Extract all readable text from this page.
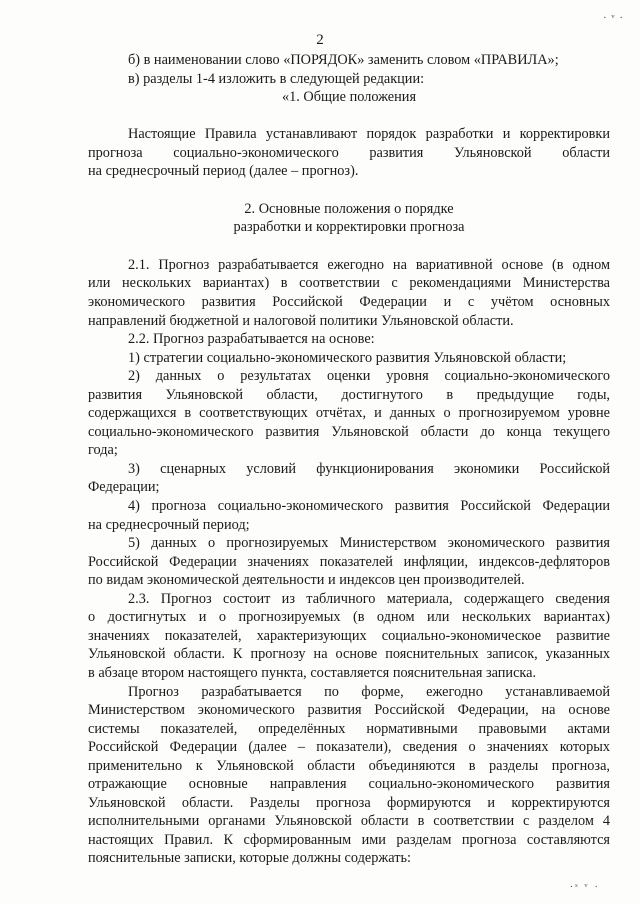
· ᵛ ·
2

б) в наименовании слово «ПОРЯДОК» заменить словом «ПРАВИЛА»;

в) разделы 1-4 изложить в следующей редакции:

«1. Общие положения

Настоящие Правила устанавливают порядок разработки и корректировки

прогноза социально-экономического развития Ульяновской области

на среднесрочный период (далее – прогноз).

2. Основные положения о порядке

разработки и корректировки прогноза

2.1. Прогноз разрабатывается ежегодно на вариативной основе (в одном

или нескольких вариантах) в соответствии с рекомендациями Министерства

экономического развития Российской Федерации и с учётом основных

направлений бюджетной и налоговой политики Ульяновской области.

2.2. Прогноз разрабатывается на основе:

1) стратегии социально-экономического развития Ульяновской области;

2) данных о результатах оценки уровня социально-экономического

развития Ульяновской области, достигнутого в предыдущие годы,

содержащихся в соответствующих отчётах, и данных о прогнозируемом уровне

социально-экономического развития Ульяновской области до конца текущего

года;

3) сценарных условий функционирования экономики Российской

Федерации;

4) прогноза социально-экономического развития Российской Федерации

на среднесрочный период;

5) данных о прогнозируемых Министерством экономического развития

Российской Федерации значениях показателей инфляции, индексов-дефляторов

по видам экономической деятельности и индексов цен производителей.

2.3. Прогноз состоит из табличного материала, содержащего сведения

о достигнутых и о прогнозируемых (в одном или нескольких вариантах)

значениях показателей, характеризующих социально-экономическое развитие

Ульяновской области. К прогнозу на основе пояснительных записок, указанных

в абзаце втором настоящего пункта, составляется пояснительная записка.

Прогноз разрабатывается по форме, ежегодно устанавливаемой

Министерством экономического развития Российской Федерации, на основе

системы показателей, определённых нормативными правовыми актами

Российской Федерации (далее – показатели), сведения о значениях которых

применительно к Ульяновской области объединяются в разделы прогноза,

отражающие основные направления социально-экономического развития

Ульяновской области. Разделы прогноза формируются и корректируются

исполнительными органами Ульяновской области в соответствии с разделом 4

настоящих Правил. К сформированным ими разделам прогноза составляются

пояснительные записки, которые должны содержать:

·ˢ ᵛ ·
